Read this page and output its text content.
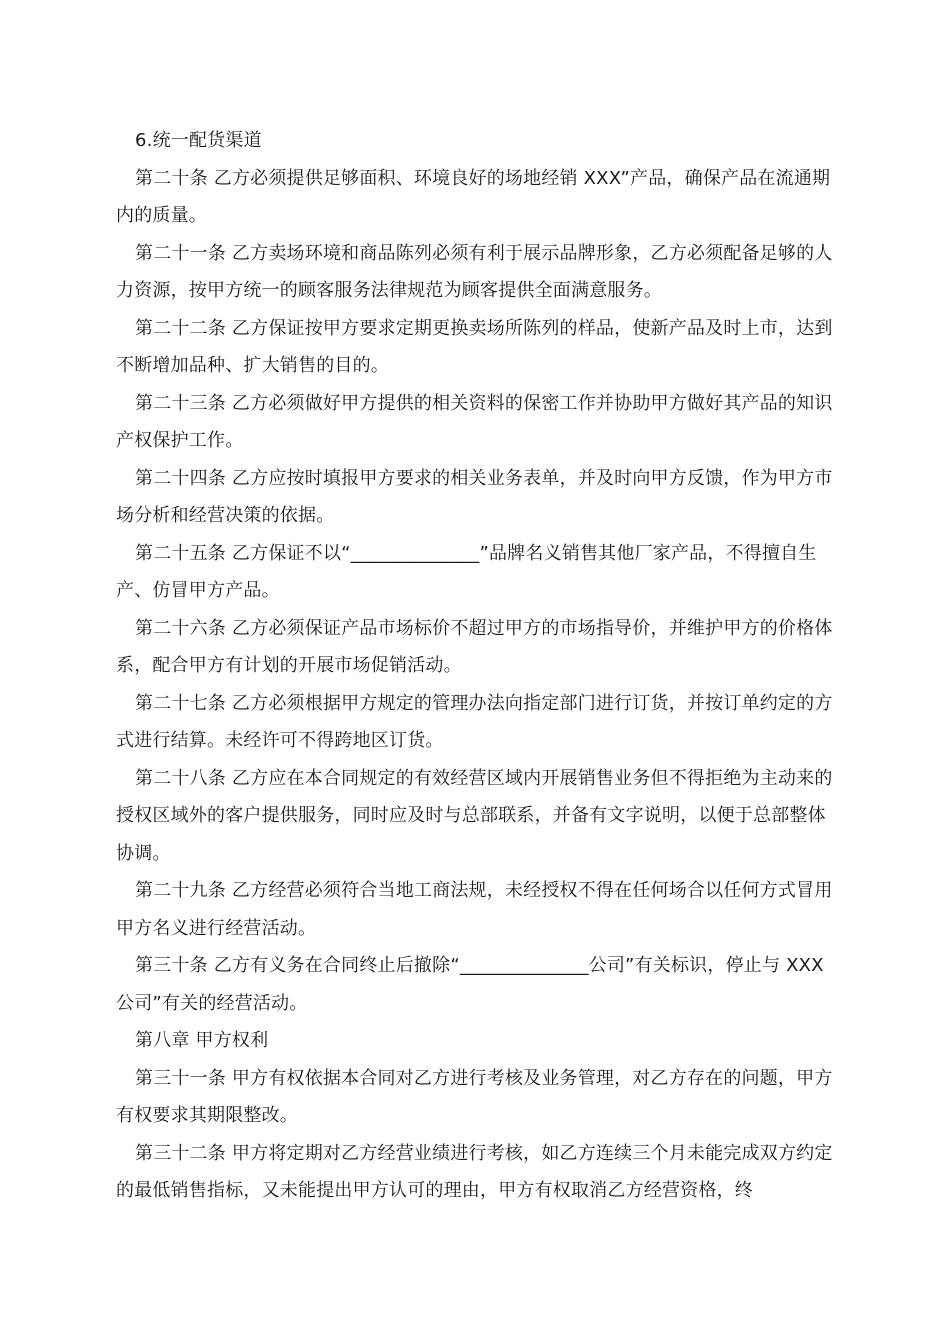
6.统一配货渠道

第二十条 乙方必须提供足够面积、环境良好的场地经销 XXX”产品，确保产品在流通期内的质量。

第二十一条 乙方卖场环境和商品陈列必须有利于展示品牌形象，乙方必须配备足够的人力资源，按甲方统一的顾客服务法律规范为顾客提供全面满意服务。

第二十二条 乙方保证按甲方要求定期更换卖场所陈列的样品，使新产品及时上市，达到不断增加品种、扩大销售的目的。

第二十三条 乙方必须做好甲方提供的相关资料的保密工作并协助甲方做好其产品的知识产权保护工作。

第二十四条 乙方应按时填报甲方要求的相关业务表单，并及时向甲方反馈，作为甲方市场分析和经营决策的依据。

第二十五条 乙方保证不以“______________”品牌名义销售其他厂家产品，不得擅自生产、仿冒甲方产品。

第二十六条 乙方必须保证产品市场标价不超过甲方的市场指导价，并维护甲方的价格体系，配合甲方有计划的开展市场促销活动。

第二十七条 乙方必须根据甲方规定的管理办法向指定部门进行订货，并按订单约定的方式进行结算。未经许可不得跨地区订货。

第二十八条 乙方应在本合同规定的有效经营区域内开展销售业务但不得拒绝为主动来的授权区域外的客户提供服务，同时应及时与总部联系，并备有文字说明，以便于总部整体协调。

第二十九条 乙方经营必须符合当地工商法规，未经授权不得在任何场合以任何方式冒用甲方名义进行经营活动。

第三十条 乙方有义务在合同终止后撤除“______________公司”有关标识，停止与 XXX 公司”有关的经营活动。

第八章 甲方权利

第三十一条 甲方有权依据本合同对乙方进行考核及业务管理，对乙方存在的问题，甲方有权要求其期限整改。

第三十二条 甲方将定期对乙方经营业绩进行考核，如乙方连续三个月未能完成双方约定的最低销售指标，又未能提出甲方认可的理由，甲方有权取消乙方经营资格，终
